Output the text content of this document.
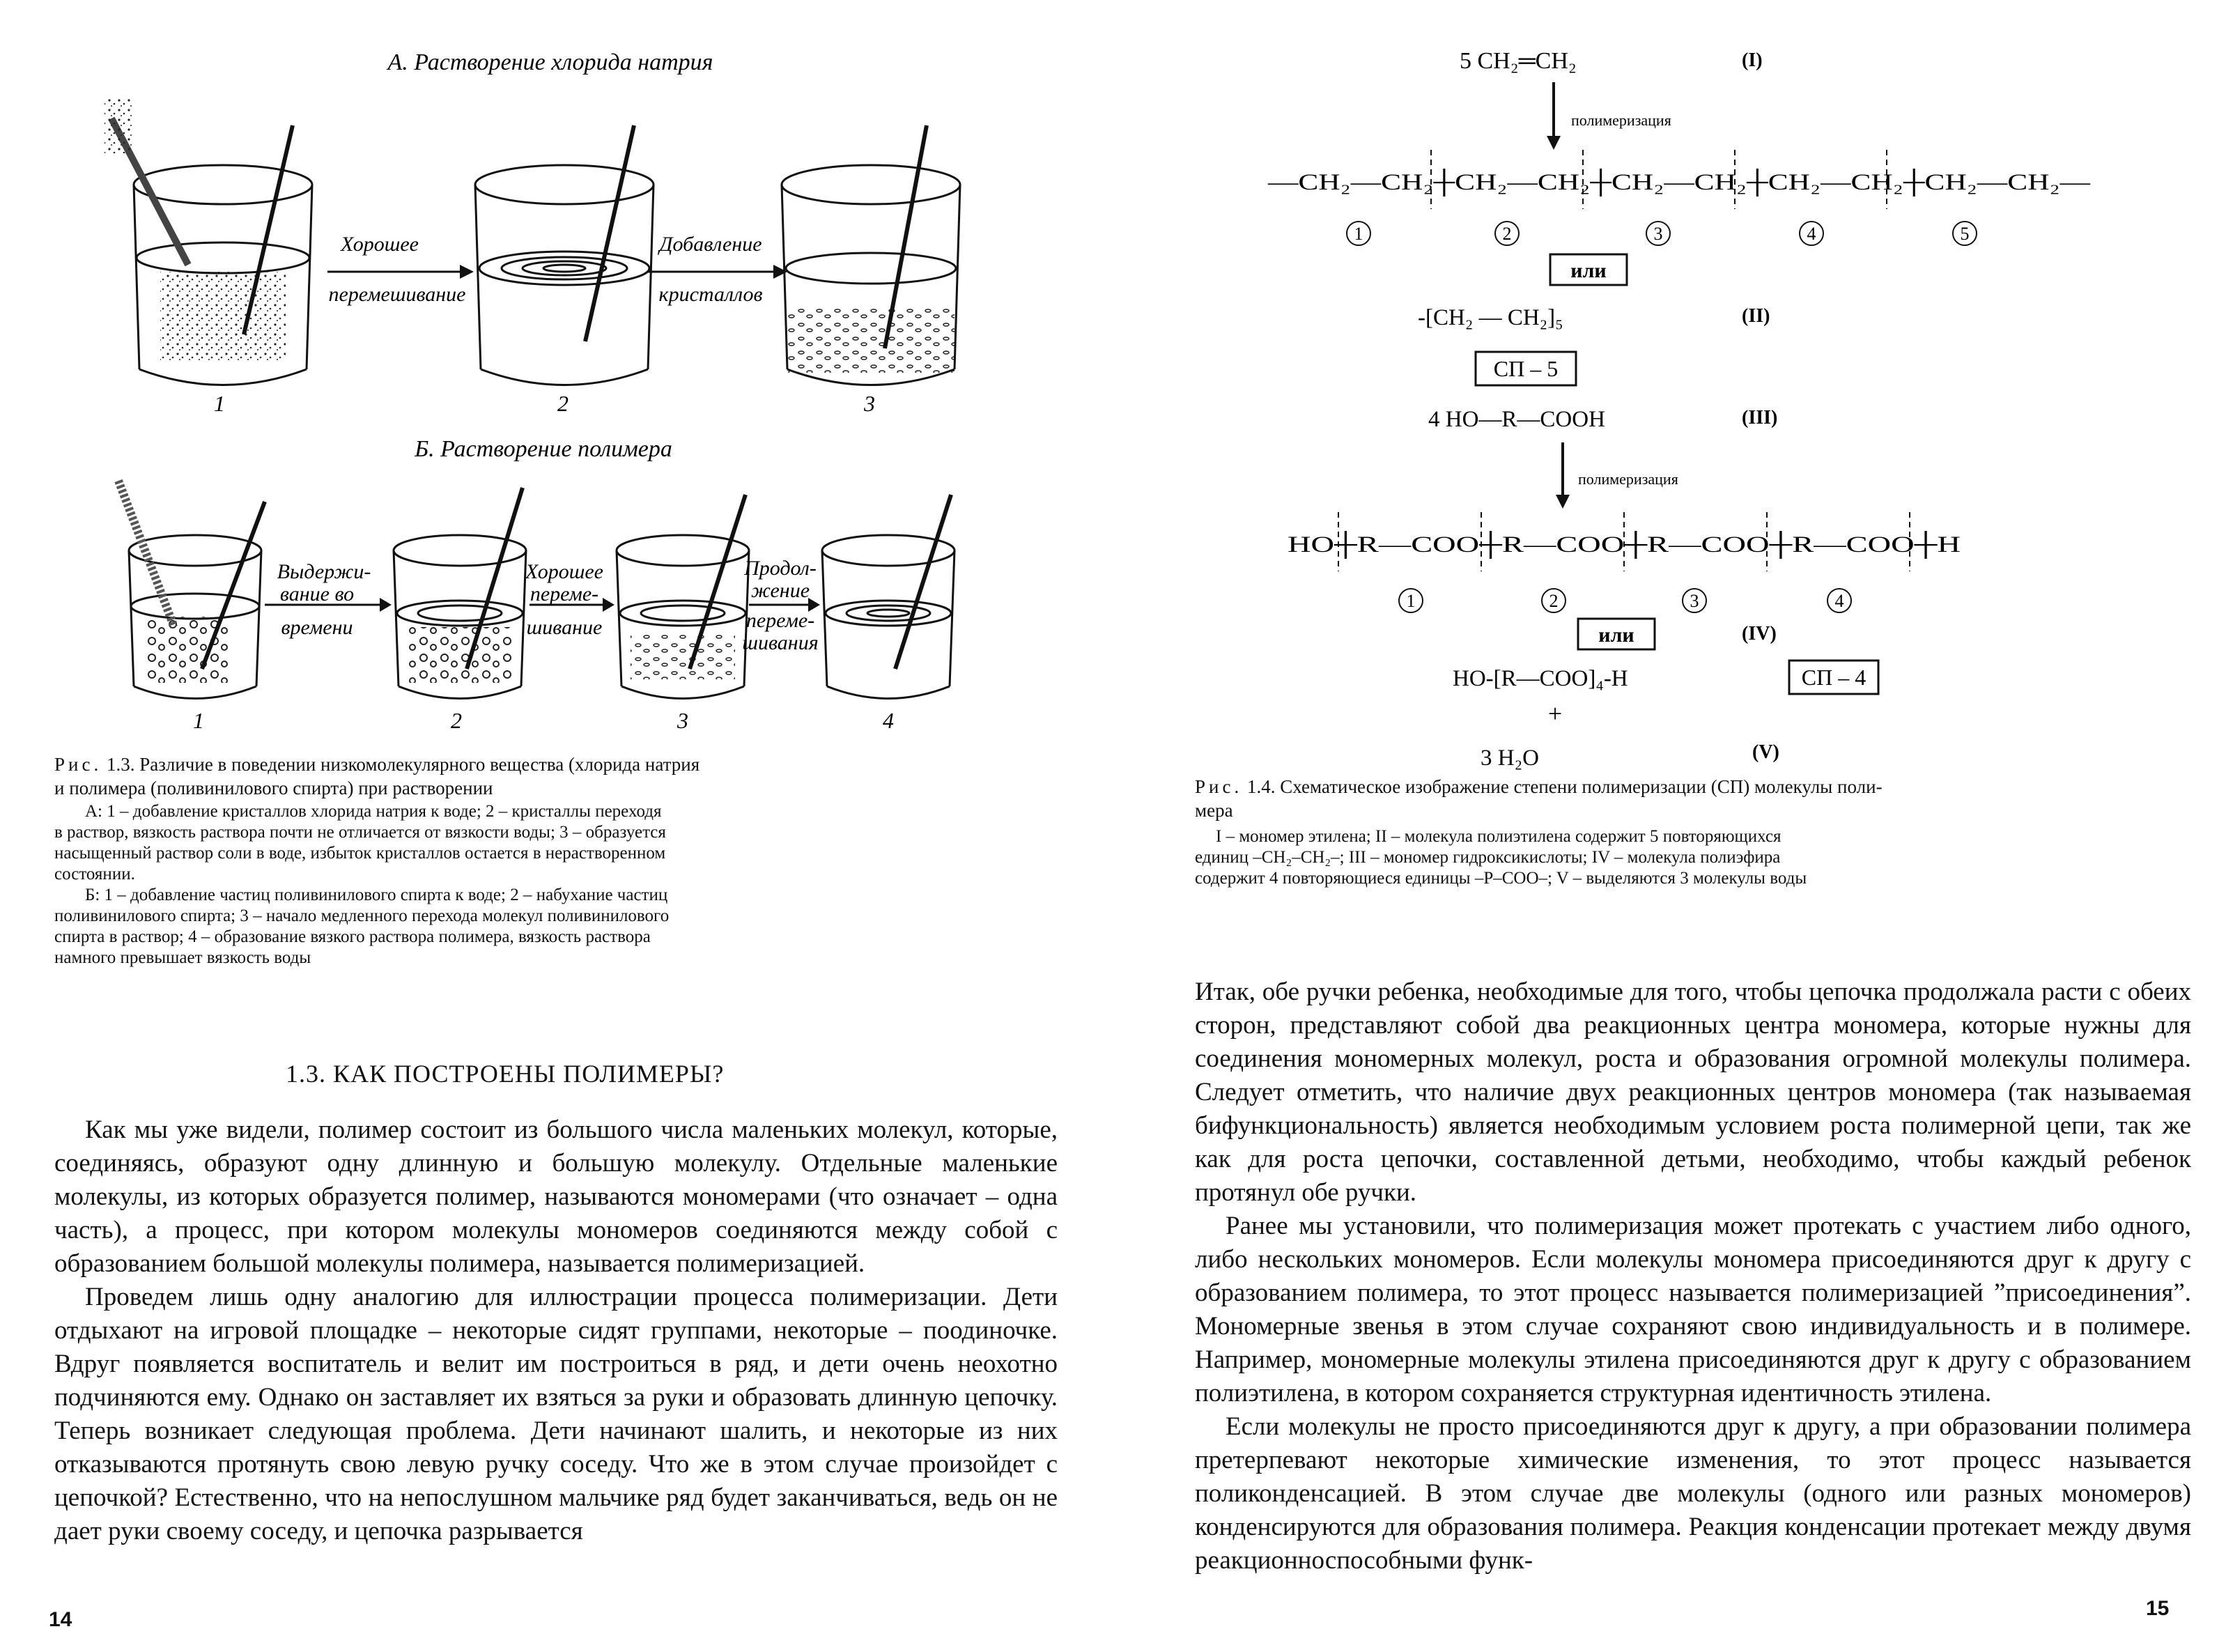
А. Растворение хлорида натрия
Хорошее
перемешивание
Добавление
кристаллов
1	2	3
Б. Растворение полимера
Выдержи-
вание во
времени
Хорошее
переме-
шивание
Продол-
жение
переме-
шивания
1	2	3	4
Рис. 1.3. Различие в поведении низкомолекулярного вещества (хлорида натрия
и полимера (поливинилового спирта) при растворении
А: 1 – добавление кристаллов хлорида натрия к воде; 2 – кристаллы переходя
в раствор, вязкость раствора почти не отличается от вязкости воды; 3 – образуется
насыщенный раствор соли в воде, избыток кристаллов остается в нерастворенном
состоянии.
Б: 1 – добавление частиц поливинилового спирта к воде; 2 – набухание частиц
поливинилового спирта; 3 – начало медленного перехода молекул поливинилового
спирта в раствор; 4 – образование вязкого раствора полимера, вязкость раствора
намного превышает вязкость воды
1.3. КАК ПОСТРОЕНЫ ПОЛИМЕРЫ?

Как мы уже видели, полимер состоит из большого числа маленьких молекул, которые, соединяясь, образуют одну длинную и большую молекулу. Отдельные маленькие молекулы, из которых образуется полимер, называются мономерами (что означает – одна часть), а процесс, при котором молекулы мономеров соединяются между собой с образованием большой молекулы полимера, называется полимеризацией.

Проведем лишь одну аналогию для иллюстрации процесса полимеризации. Дети отдыхают на игровой площадке – некоторые сидят группами, некоторые – поодиночке. Вдруг появляется воспитатель и велит им построиться в ряд, и дети очень неохотно подчиняются ему. Однако он заставляет их взяться за руки и образовать длинную цепочку. Теперь возникает следующая проблема. Дети начинают шалить, и некоторые из них отказываются протянуть свою левую ручку соседу. Что же в этом случае произойдет с цепочкой? Естественно, что на непослушном мальчике ряд будет заканчиваться, ведь он не дает руки своему соседу, и цепочка разрывается

14
5 CH₂═CH₂	(I)
полимеризация
—CH₂—CH₂┼CH₂—CH₂┼CH₂—CH₂┼CH₂—CH₂┼CH₂—CH₂—
1	2	3	4	5
или
-[CH₂ — CH₂]₅	(II)
СП – 5
4 HO—R—COOH	(III)
полимеризация
HO┼R—COO┼R—COO┼R—COO┼R—COO┼H
1	2	3	4
или	(IV)
HO-[R—COO]₄-H	СП – 4
+
3 H₂O	(V)
Рис. 1.4. Схематическое изображение степени полимеризации (СП) молекулы поли-
мера
I – мономер этилена; II – молекула полиэтилена содержит 5 повторяющихся
единиц –CH₂–CH₂–; III – мономер гидроксикислоты; IV – молекула полиэфира
содержит 4 повторяющиеся единицы –Р–COO–; V – выделяются 3 молекулы воды

Итак, обе ручки ребенка, необходимые для того, чтобы цепочка продолжала расти с обеих сторон, представляют собой два реакционных центра мономера, которые нужны для соединения мономерных молекул, роста и образования огромной молекулы полимера. Следует отметить, что наличие двух реакционных центров мономера (так называемая бифункциональность) является необходимым условием роста полимерной цепи, так же как для роста цепочки, составленной детьми, необходимо, чтобы каждый ребенок протянул обе ручки.

Ранее мы установили, что полимеризация может протекать с участием либо одного, либо нескольких мономеров. Если молекулы мономера присоединяются друг к другу с образованием полимера, то этот процесс называется полимеризацией ”присоединения”. Мономерные звенья в этом случае сохраняют свою индивидуальность и в полимере. Например, мономерные молекулы этилена присоединяются друг к другу с образованием полиэтилена, в котором сохраняется структурная идентичность этилена.

Если молекулы не просто присоединяются друг к другу, а при образовании полимера претерпевают некоторые химические изменения, то этот процесс называется поликонденсацией. В этом случае две молекулы (одного или разных мономеров) конденсируются для образования полимера. Реакция конденсации протекает между двумя реакционноспособными функ-

15
